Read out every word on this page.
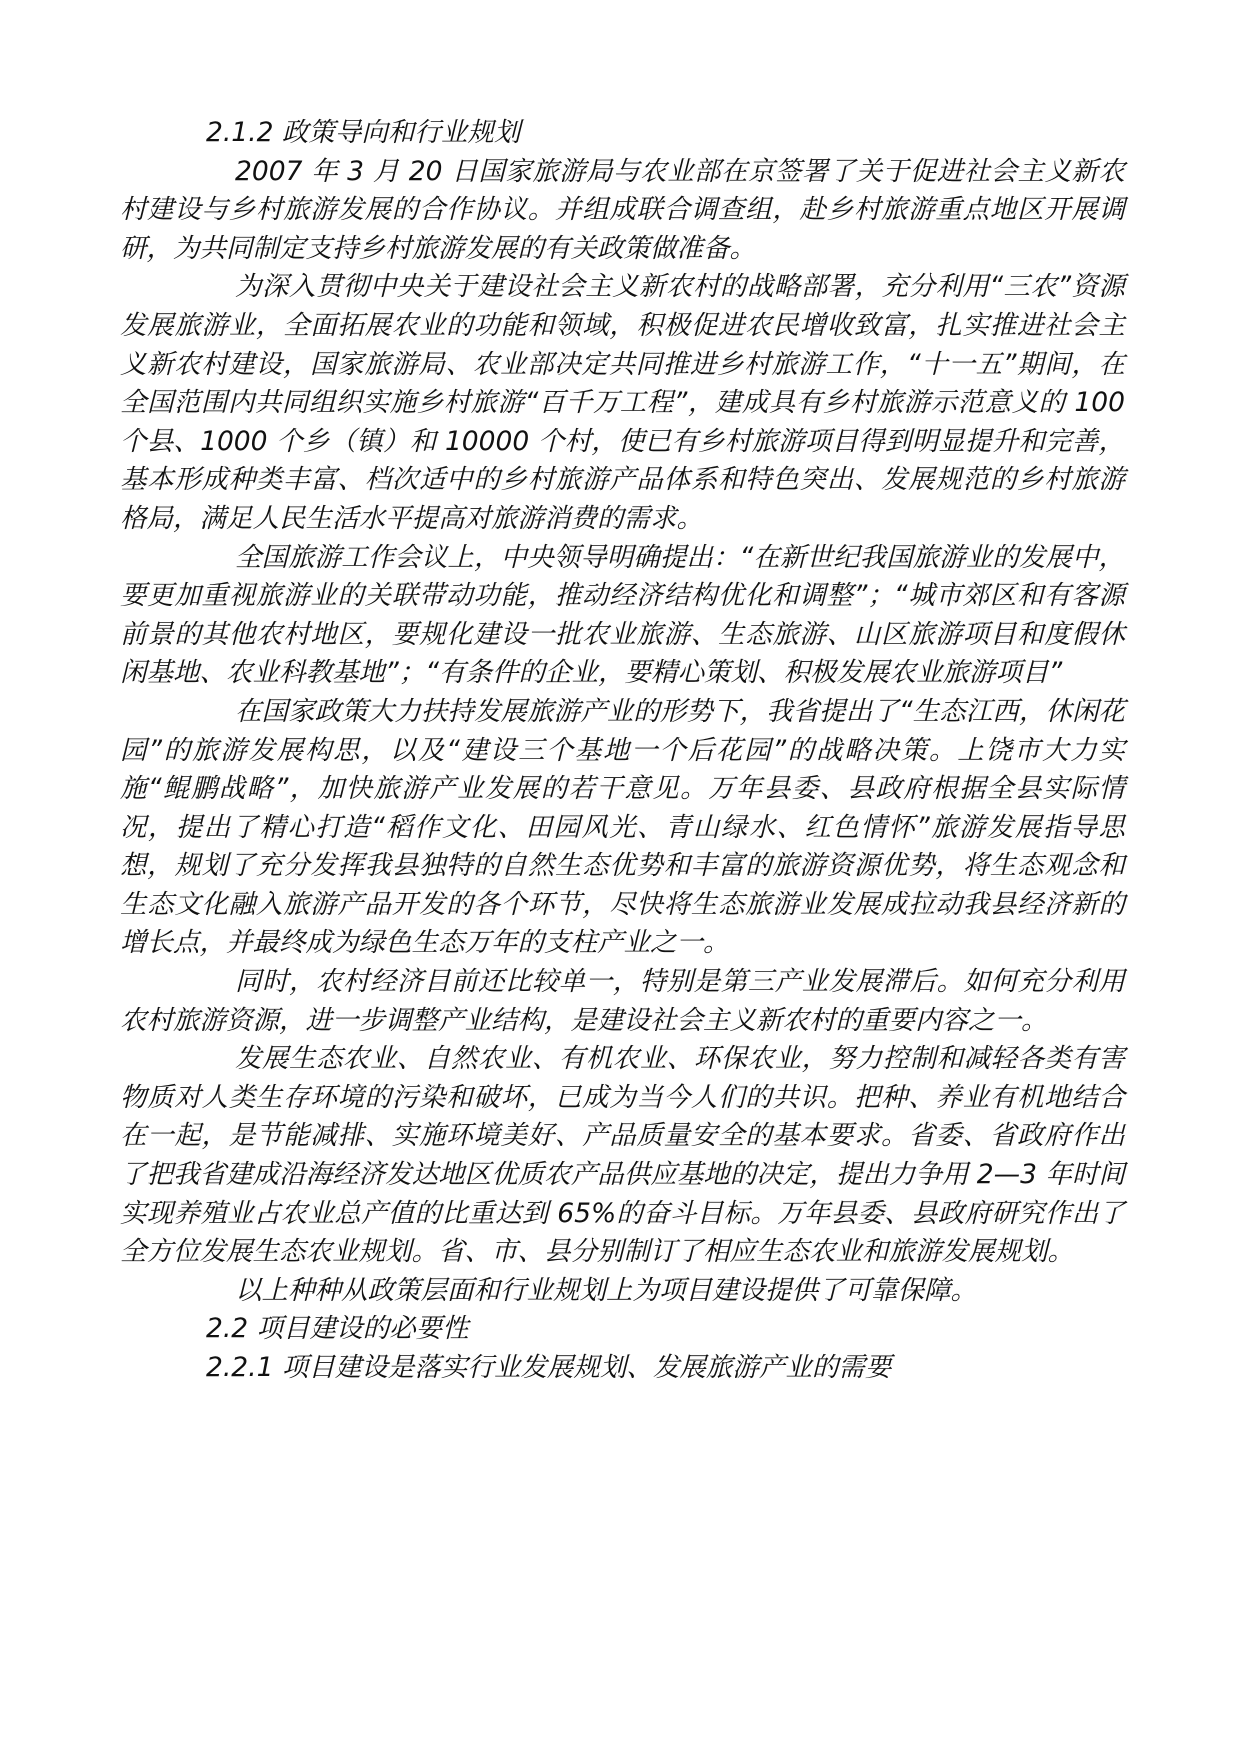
2.1.2 政策导向和行业规划

2007 年 3 月 20 日国家旅游局与农业部在京签署了关于促进社会主义新农村建设与乡村旅游发展的合作协议。并组成联合调查组，赴乡村旅游重点地区开展调研，为共同制定支持乡村旅游发展的有关政策做准备。

为深入贯彻中央关于建设社会主义新农村的战略部署，充分利用“三农”资源发展旅游业，全面拓展农业的功能和领域，积极促进农民增收致富，扎实推进社会主义新农村建设，国家旅游局、农业部决定共同推进乡村旅游工作，“十一五”期间，在全国范围内共同组织实施乡村旅游“百千万工程”，建成具有乡村旅游示范意义的 100 个县、1000 个乡（镇）和 10000 个村，使已有乡村旅游项目得到明显提升和完善，基本形成种类丰富、档次适中的乡村旅游产品体系和特色突出、发展规范的乡村旅游格局，满足人民生活水平提高对旅游消费的需求。

全国旅游工作会议上，中央领导明确提出：“在新世纪我国旅游业的发展中，要更加重视旅游业的关联带动功能，推动经济结构优化和调整”；“城市郊区和有客源前景的其他农村地区，要规化建设一批农业旅游、生态旅游、山区旅游项目和度假休闲基地、农业科教基地”；“有条件的企业，要精心策划、积极发展农业旅游项目”

在国家政策大力扶持发展旅游产业的形势下，我省提出了“生态江西，休闲花园”的旅游发展构思，以及“建设三个基地一个后花园”的战略决策。上饶市大力实施“鲲鹏战略”，加快旅游产业发展的若干意见。万年县委、县政府根据全县实际情况，提出了精心打造“稻作文化、田园风光、青山绿水、红色情怀”旅游发展指导思想，规划了充分发挥我县独特的自然生态优势和丰富的旅游资源优势，将生态观念和生态文化融入旅游产品开发的各个环节，尽快将生态旅游业发展成拉动我县经济新的增长点，并最终成为绿色生态万年的支柱产业之一。

同时，农村经济目前还比较单一，特别是第三产业发展滞后。如何充分利用农村旅游资源，进一步调整产业结构，是建设社会主义新农村的重要内容之一。

发展生态农业、自然农业、有机农业、环保农业，努力控制和减轻各类有害物质对人类生存环境的污染和破坏，已成为当今人们的共识。把种、养业有机地结合在一起，是节能减排、实施环境美好、产品质量安全的基本要求。省委、省政府作出了把我省建成沿海经济发达地区优质农产品供应基地的决定，提出力争用 2—3 年时间实现养殖业占农业总产值的比重达到 65%的奋斗目标。万年县委、县政府研究作出了全方位发展生态农业规划。省、市、县分别制订了相应生态农业和旅游发展规划。

以上种种从政策层面和行业规划上为项目建设提供了可靠保障。

2.2 项目建设的必要性

2.2.1 项目建设是落实行业发展规划、发展旅游产业的需要
